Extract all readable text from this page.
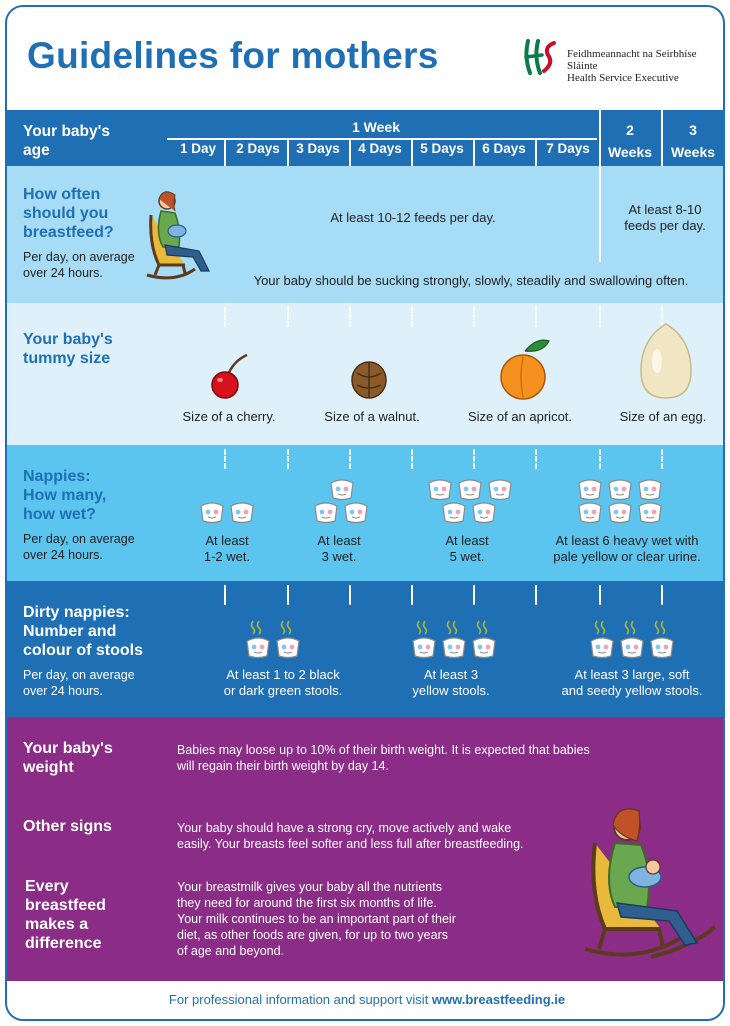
Guidelines for mothers	Feidhmeannacht na Seirbhíse Sláinte
Health Service Executive
Your baby's
age
1 Week
1 Day	2 Days	3 Days	4 Days	5 Days	6 Days	7 Days
2
Weeks
3
Weeks
How often
should you
breastfeed?
Per day, on average
over 24 hours.
At least 10-12 feeds per day.
At least 8-10
feeds per day.
Your baby should be sucking strongly, slowly, steadily and swallowing often.
Your baby's
tummy size
Size of a cherry.	Size of a walnut.	Size of an apricot.	Size of an egg.
Nappies:
How many,
how wet?
Per day, on average
over 24 hours.
At least
1-2 wet.
At least
3 wet.
At least
5 wet.
At least 6 heavy wet with
pale yellow or clear urine.
Dirty nappies:
Number and
colour of stools
Per day, on average
over 24 hours.
At least 1 to 2 black
or dark green stools.
At least 3
yellow stools.
At least 3 large, soft
and seedy yellow stools.
Your baby's
weight
Babies may loose up to 10% of their birth weight. It is expected that babies
will regain their birth weight by day 14.
Other signs	Your baby should have a strong cry, move actively and wake
easily. Your breasts feel softer and less full after breastfeeding.
Every
breastfeed
makes a
difference
Your breastmilk gives your baby all the nutrients
they need for around the first six months of life.
Your milk continues to be an important part of their
diet, as other foods are given, for up to two years
of age and beyond.
For professional information and support visit www.breastfeeding.ie
